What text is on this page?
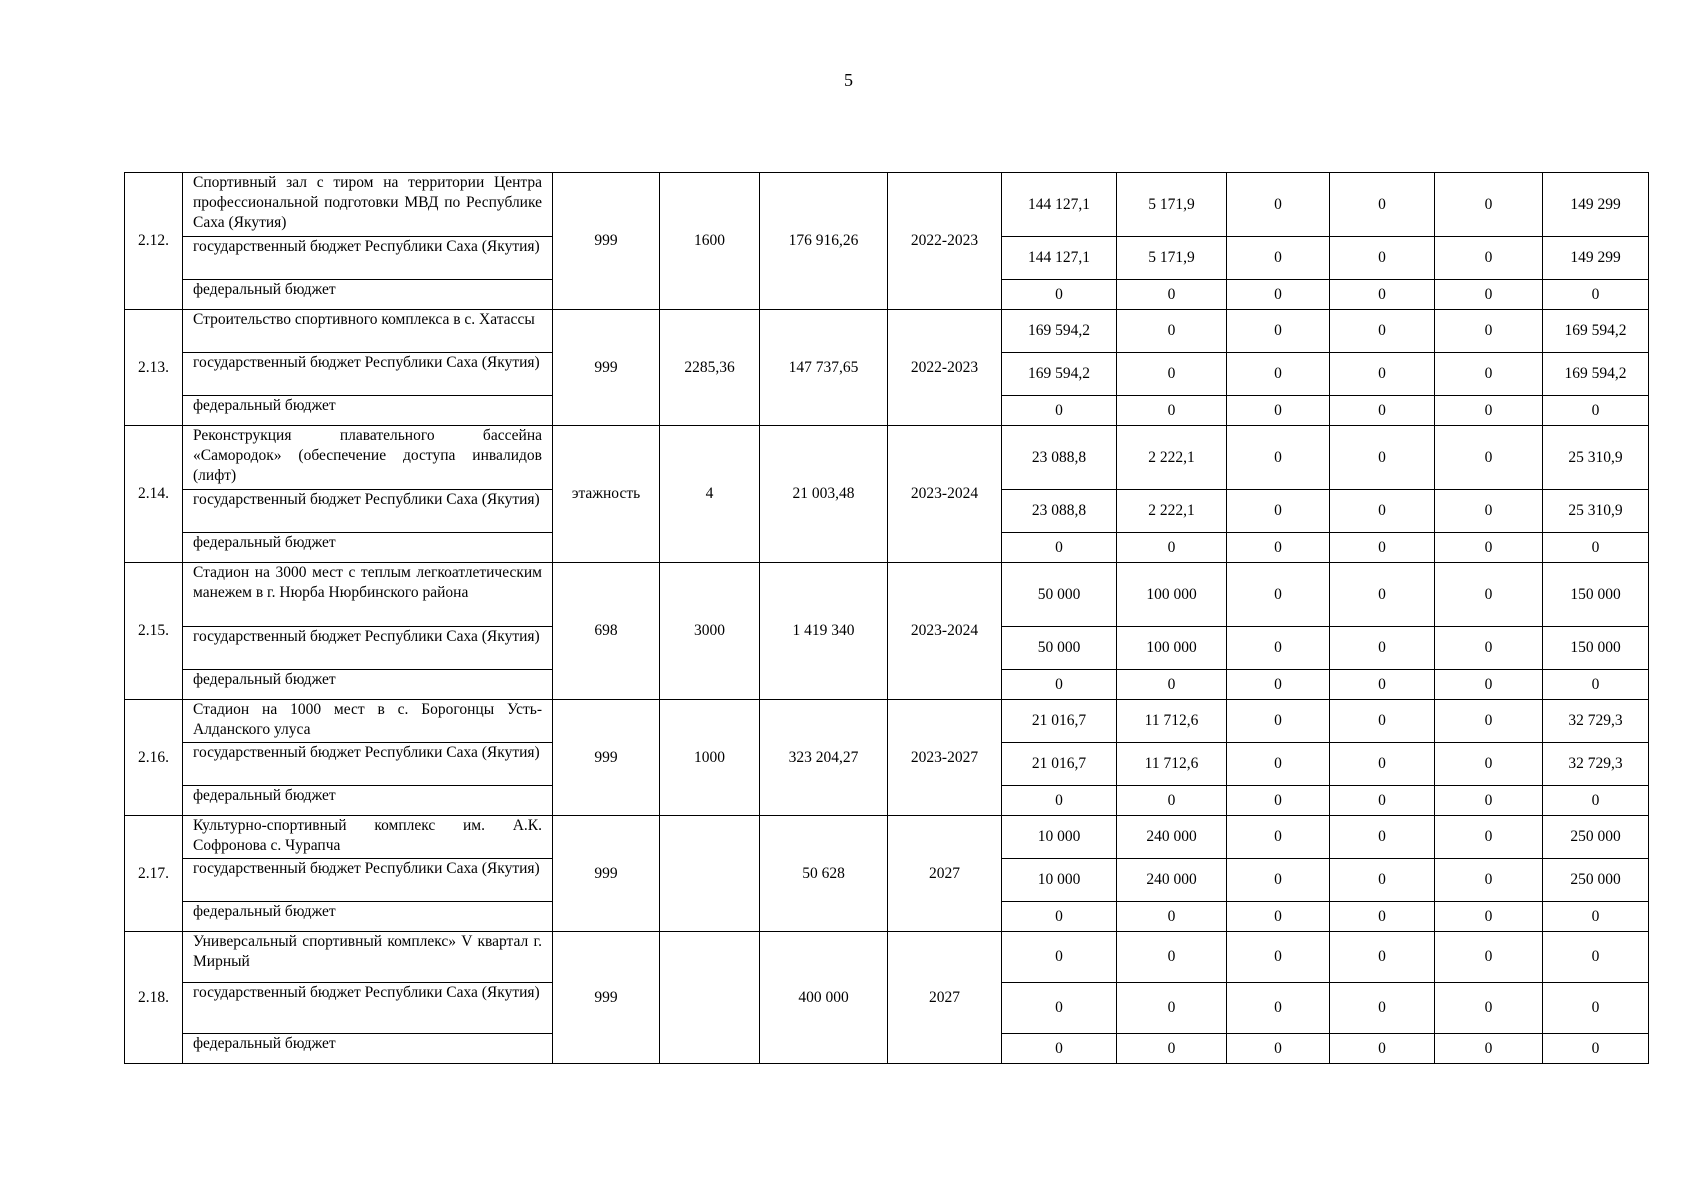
5
2.12.	Спортивный зал с тиром на территории Центра профессиональной подготовки МВД по Республике Саха (Якутия)	999	1600	176 916,26	2022-2023	144 127,1	5 171,9	0	0	0	149 299
	государственный бюджет Республики Саха (Якутия)					144 127,1	5 171,9	0	0	0	149 299
	федеральный бюджет					0	0	0	0	0	0
2.13.	Строительство спортивного комплекса в с. Хатассы	999	2285,36	147 737,65	2022-2023	169 594,2	0	0	0	0	169 594,2
	государственный бюджет Республики Саха (Якутия)					169 594,2	0	0	0	0	169 594,2
	федеральный бюджет					0	0	0	0	0	0
2.14.	Реконструкция плавательного бассейна «Самородок» (обеспечение доступа инвалидов (лифт)	этажность	4	21 003,48	2023-2024	23 088,8	2 222,1	0	0	0	25 310,9
	государственный бюджет Республики Саха (Якутия)					23 088,8	2 222,1	0	0	0	25 310,9
	федеральный бюджет					0	0	0	0	0	0
2.15.	Стадион на 3000 мест с теплым легкоатлетическим манежем в г. Нюрба Нюрбинского района	698	3000	1 419 340	2023-2024	50 000	100 000	0	0	0	150 000
	государственный бюджет Республики Саха (Якутия)					50 000	100 000	0	0	0	150 000
	федеральный бюджет					0	0	0	0	0	0
2.16.	Стадион на 1000 мест в с. Борогонцы Усть-Алданского улуса	999	1000	323 204,27	2023-2027	21 016,7	11 712,6	0	0	0	32 729,3
	государственный бюджет Республики Саха (Якутия)					21 016,7	11 712,6	0	0	0	32 729,3
	федеральный бюджет					0	0	0	0	0	0
2.17.	Культурно-спортивный комплекс им. А.К. Софронова с. Чурапча	999		50 628	2027	10 000	240 000	0	0	0	250 000
	государственный бюджет Республики Саха (Якутия)					10 000	240 000	0	0	0	250 000
	федеральный бюджет					0	0	0	0	0	0
2.18.	Универсальный спортивный комплекс» V квартал г. Мирный	999		400 000	2027	0	0	0	0	0	0
	государственный бюджет Республики Саха (Якутия)					0	0	0	0	0	0
	федеральный бюджет					0	0	0	0	0	0
